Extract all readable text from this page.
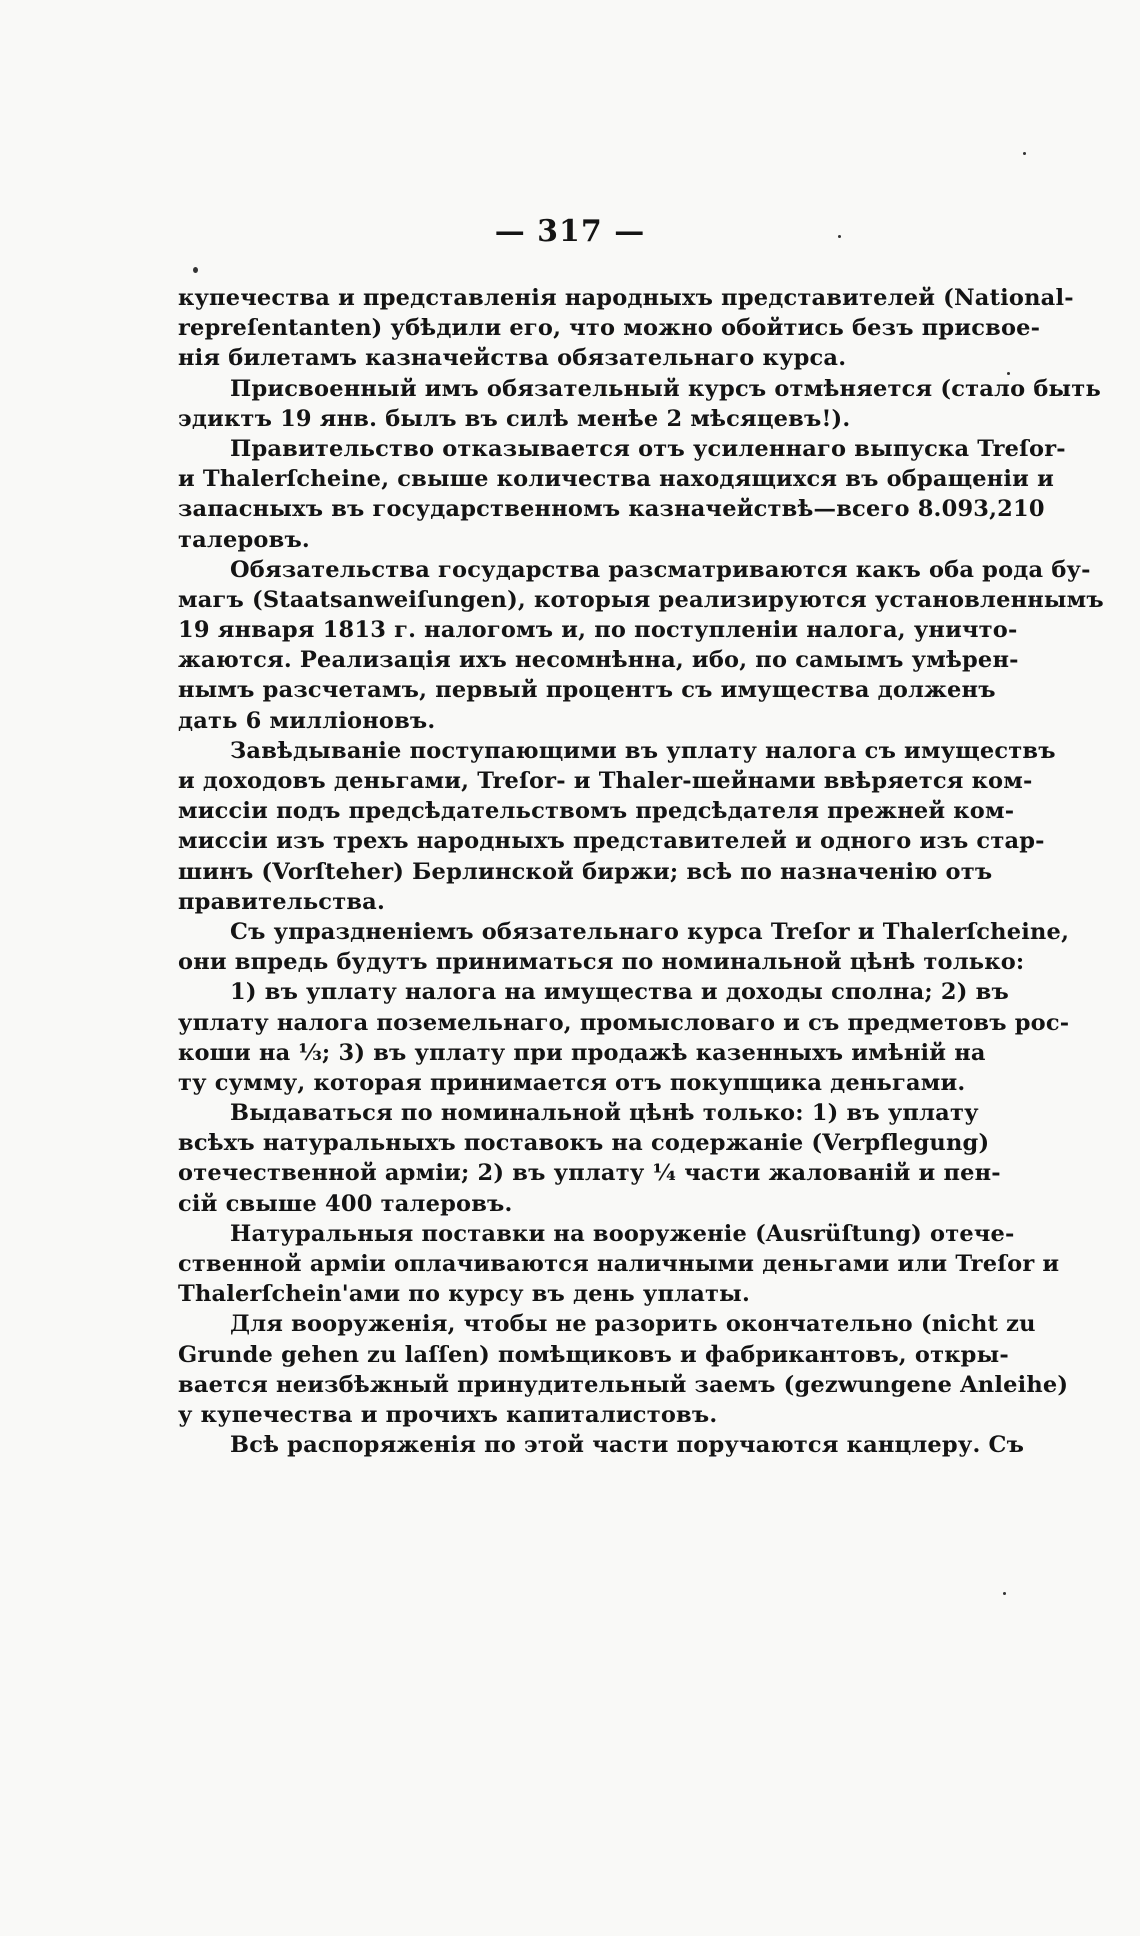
— 317 —
купечества и представленія народныхъ представителей (National-
repreſentanten) убѣдили его, что можно обойтись безъ присвое-
нія билетамъ казначейства обязательнаго курса.
Присвоенный имъ обязательный курсъ отмѣняется (стало быть
эдиктъ 19 янв. былъ въ силѣ менѣе 2 мѣсяцевъ!).
Правительство отказывается отъ усиленнаго выпуска Treſor-
и Thalerſcheine, свыше количества находящихся въ обращеніи и
запасныхъ въ государственномъ казначействѣ—всего 8.093,210
талеровъ.
Обязательства государства разсматриваются какъ оба рода бу-
магъ (Staatsanweiſungen), которыя реализируются установленнымъ
19 января 1813 г. налогомъ и, по поступленіи налога, уничто-
жаются. Реализація ихъ несомнѣнна, ибо, по самымъ умѣрен-
нымъ разсчетамъ, первый процентъ съ имущества долженъ
дать 6 милліоновъ.
Завѣдываніе поступающими въ уплату налога съ имуществъ
и доходовъ деньгами, Treſor- и Thaler-шейнами ввѣряется ком-
миссіи подъ предсѣдательствомъ предсѣдателя прежней ком-
миссіи изъ трехъ народныхъ представителей и одного изъ стар-
шинъ (Vorſteher) Берлинской биржи; всѣ по назначенію отъ
правительства.
Съ упраздненіемъ обязательнаго курса Treſor и Thalerſcheine,
они впредь будутъ приниматься по номинальной цѣнѣ только:
1) въ уплату налога на имущества и доходы сполна; 2) въ
уплату налога поземельнаго, промысловаго и съ предметовъ рос-
коши на ⅓; 3) въ уплату при продажѣ казенныхъ имѣній на
ту сумму, которая принимается отъ покупщика деньгами.
Выдаваться по номинальной цѣнѣ только: 1) въ уплату
всѣхъ натуральныхъ поставокъ на содержаніе (Verpflegung)
отечественной арміи; 2) въ уплату ¼ части жалованій и пен-
сій свыше 400 талеровъ.
Натуральныя поставки на вооруженіе (Ausrüſtung) отече-
ственной арміи оплачиваются наличными деньгами или Treſor и
Thalerſchein'ами по курсу въ день уплаты.
Для вооруженія, чтобы не разорить окончательно (nicht zu
Grunde gehen zu laſſen) помѣщиковъ и фабрикантовъ, откры-
вается неизбѣжный принудительный заемъ (gezwungene Anleihe)
у купечества и прочихъ капиталистовъ.
Всѣ распоряженія по этой части поручаются канцлеру. Съ
